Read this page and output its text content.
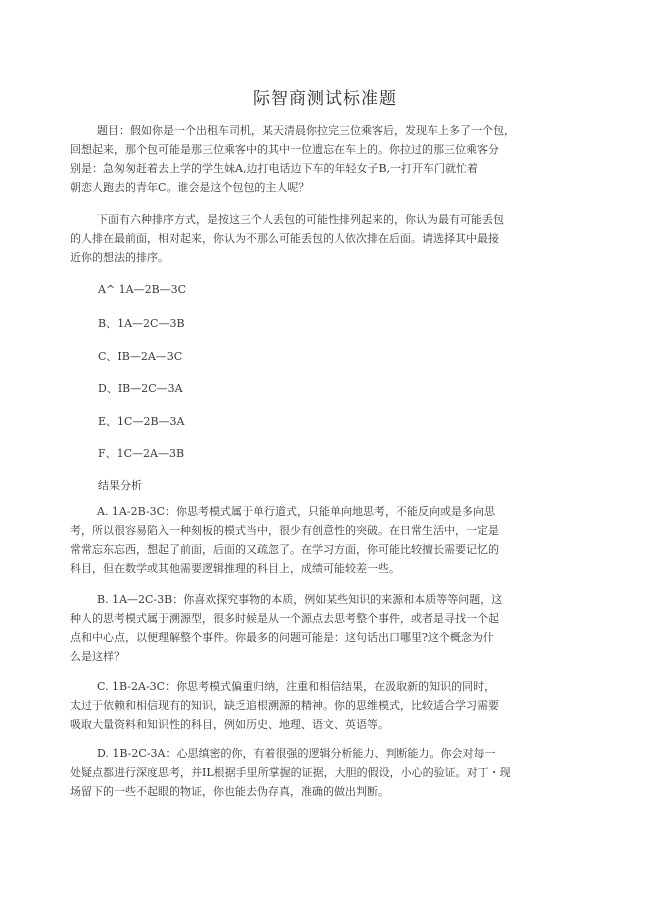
际智商测试标准题
题目：假如你是一个出租车司机，某天清晨你拉完三位乘客后，发现车上多了一个包，
回想起来，那个包可能是那三位乘客中的其中一位遗忘在车上的。你拉过的那三位乘客分
别是：急匆匆赶着去上学的学生妹A,边打电话边下车的年轻女子B,一打开车门就忙着
朝恋人跑去的青年C。谁会是这个包包的主人呢？
下面有六种排序方式，是按这三个人丢包的可能性排列起来的，你认为最有可能丢包
的人排在最前面，相对起来，你认为不那么可能丢包的人依次排在后面。请选择其中最接
近你的想法的排序。
A^ 1A—2B—3C
B、1A—2C—3B
C、IB—2A—3C
D、IB—2C—3A
E、1C—2B—3A
F、1C—2A—3B
结果分析
A. 1A-2B-3C：你思考模式属于单行道式，只能单向地思考，不能反向或是多向思
考，所以很容易陷入一种刻板的模式当中，很少有创意性的突破。在日常生活中，一定是
常常忘东忘西，想起了前面，后面的又疏忽了。在学习方面，你可能比较擅长需要记忆的
科目，但在数学或其他需要逻辑推理的科目上，成绩可能较差一些。
B. 1A—2C-3B：你喜欢探究事物的本质，例如某些知识的来源和本质等等问题，这
种人的思考模式属于溯源型，很多时候是从一个源点去思考整个事件，或者是寻找一个起
点和中心点，以便理解整个事件。你最多的问题可能是：这句话出口哪里?这个概念为什
么是这样？
C. 1B-2A-3C：你思考模式偏重归纳，注重和相信结果，在汲取新的知识的同时，
太过于依赖和相信现有的知识，缺乏追根溯源的精神。你的思维模式，比较适合学习需要
吸取大量资料和知识性的科目，例如历史、地理、语文、英语等。
D. 1B-2C-3A：心思缜密的你，有着很强的逻辑分析能力、判断能力。你会对每一
处疑点都进行深度思考，并IL根据手里所掌握的证据，大胆的假设，小心的验证。对丁・现
场留下的一些不起眼的物证，你也能去伪存真，准确的做出判断。
